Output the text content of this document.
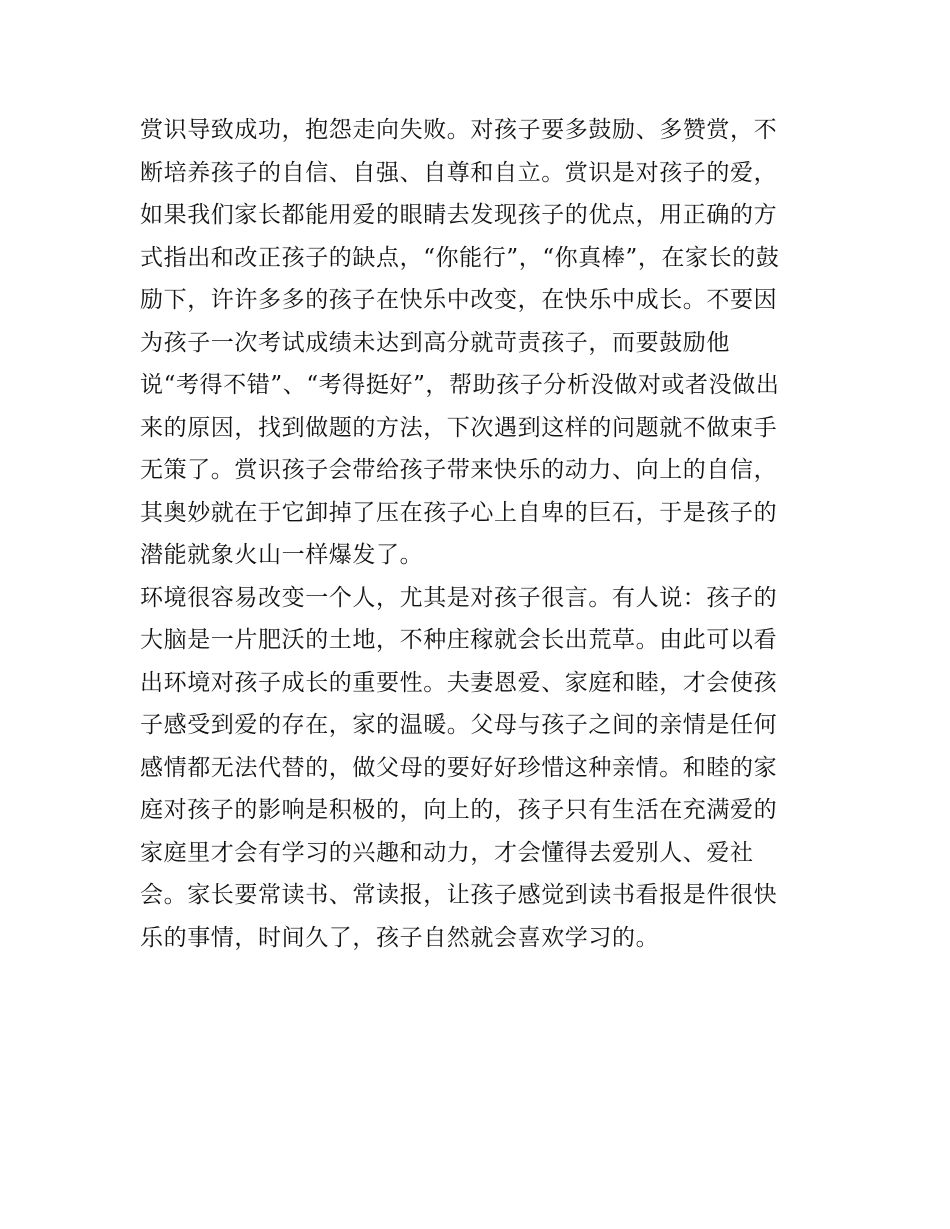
赏识导致成功，抱怨走向失败。对孩子要多鼓励、多赞赏，不
断培养孩子的自信、自强、自尊和自立。赏识是对孩子的爱，
如果我们家长都能用爱的眼睛去发现孩子的优点，用正确的方
式指出和改正孩子的缺点，“你能行”，“你真棒”，在家长的鼓
励下，许许多多的孩子在快乐中改变，在快乐中成长。不要因
为孩子一次考试成绩未达到高分就苛责孩子，而要鼓励他
说“考得不错”、“考得挺好”，帮助孩子分析没做对或者没做出
来的原因，找到做题的方法，下次遇到这样的问题就不做束手
无策了。赏识孩子会带给孩子带来快乐的动力、向上的自信，
其奥妙就在于它卸掉了压在孩子心上自卑的巨石，于是孩子的
潜能就象火山一样爆发了。
环境很容易改变一个人，尤其是对孩子很言。有人说：孩子的
大脑是一片肥沃的土地，不种庄稼就会长出荒草。由此可以看
出环境对孩子成长的重要性。夫妻恩爱、家庭和睦，才会使孩
子感受到爱的存在，家的温暖。父母与孩子之间的亲情是任何
感情都无法代替的，做父母的要好好珍惜这种亲情。和睦的家
庭对孩子的影响是积极的，向上的，孩子只有生活在充满爱的
家庭里才会有学习的兴趣和动力，才会懂得去爱别人、爱社
会。家长要常读书、常读报，让孩子感觉到读书看报是件很快
乐的事情，时间久了，孩子自然就会喜欢学习的。
